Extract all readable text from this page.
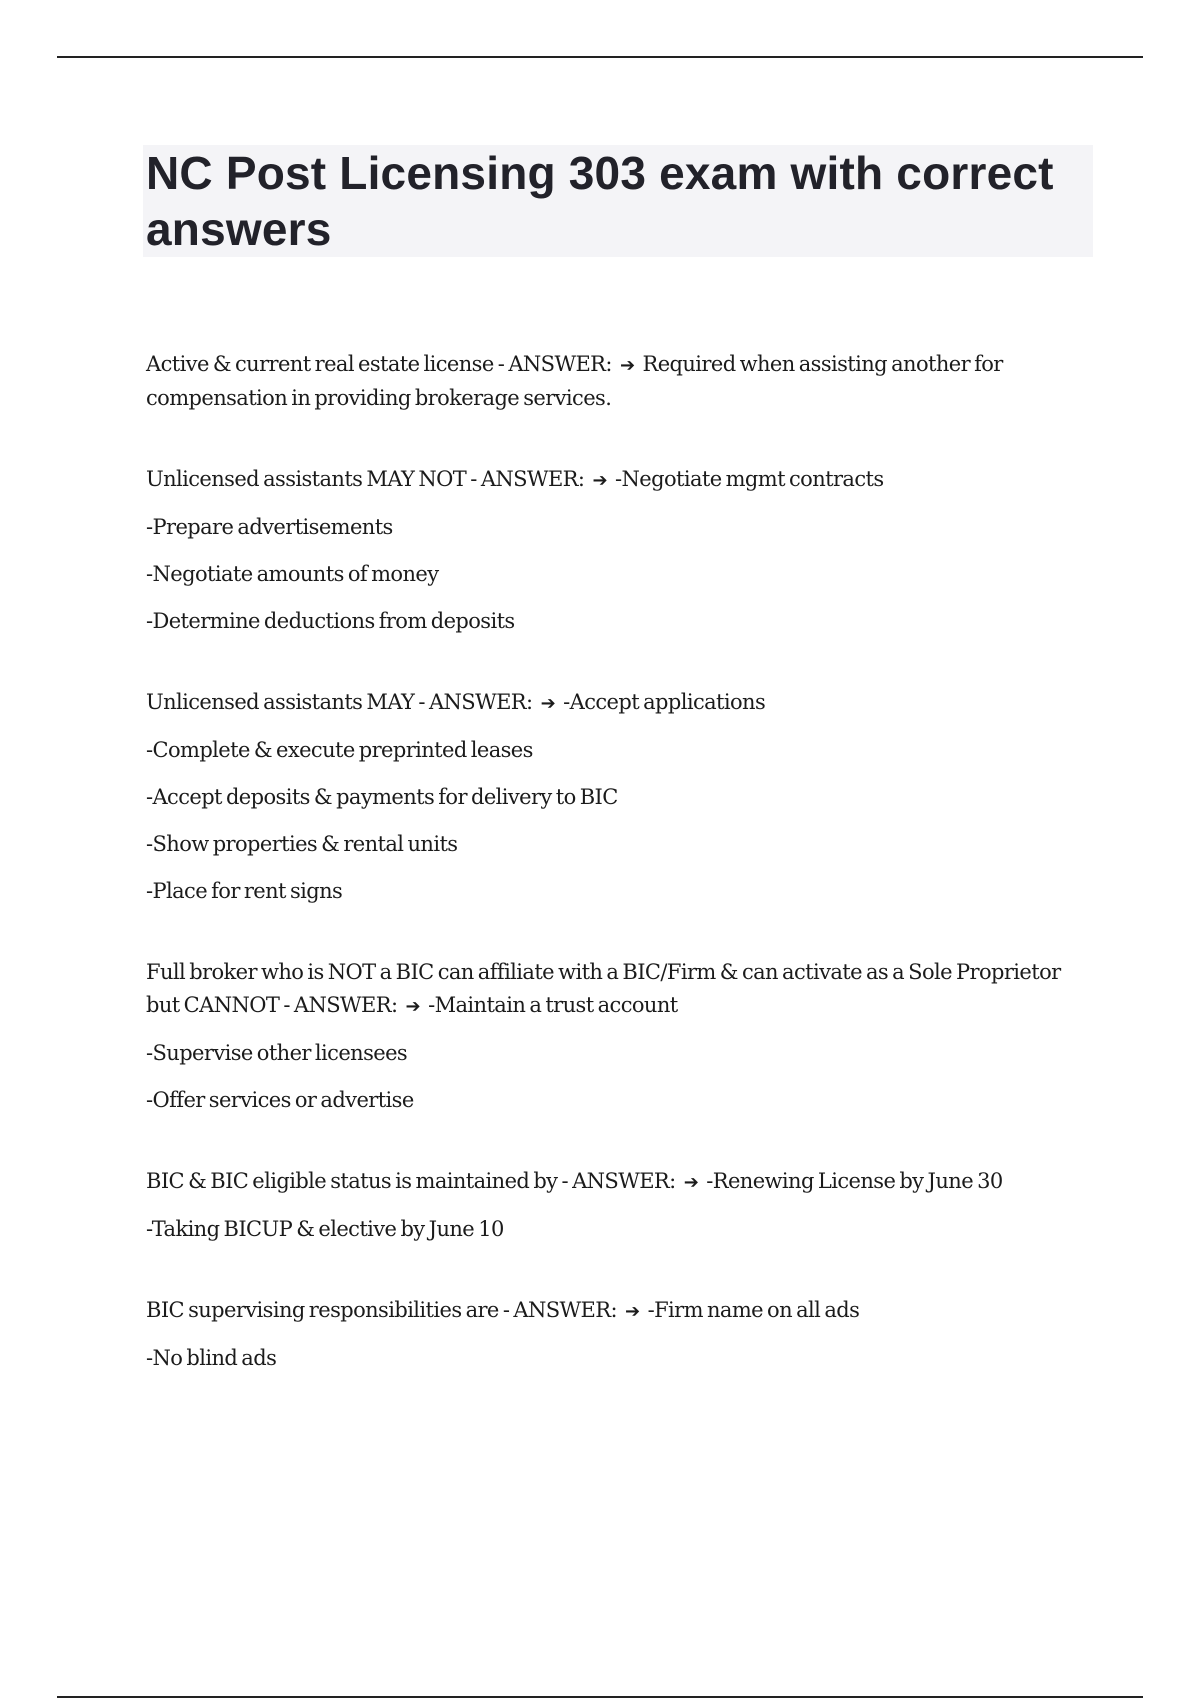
NC Post Licensing 303 exam with correct answers
Active & current real estate license - ANSWER: ➔ Required when assisting another for compensation in providing brokerage services.
Unlicensed assistants MAY NOT - ANSWER: ➔ -Negotiate mgmt contracts
-Prepare advertisements
-Negotiate amounts of money
-Determine deductions from deposits
Unlicensed assistants MAY - ANSWER: ➔ -Accept applications
-Complete & execute preprinted leases
-Accept deposits & payments for delivery to BIC
-Show properties & rental units
-Place for rent signs
Full broker who is NOT a BIC can affiliate with a BIC/Firm & can activate as a Sole Proprietor but CANNOT - ANSWER: ➔ -Maintain a trust account
-Supervise other licensees
-Offer services or advertise
BIC & BIC eligible status is maintained by - ANSWER: ➔ -Renewing License by June 30
-Taking BICUP & elective by June 10
BIC supervising responsibilities are - ANSWER: ➔ -Firm name on all ads
-No blind ads
